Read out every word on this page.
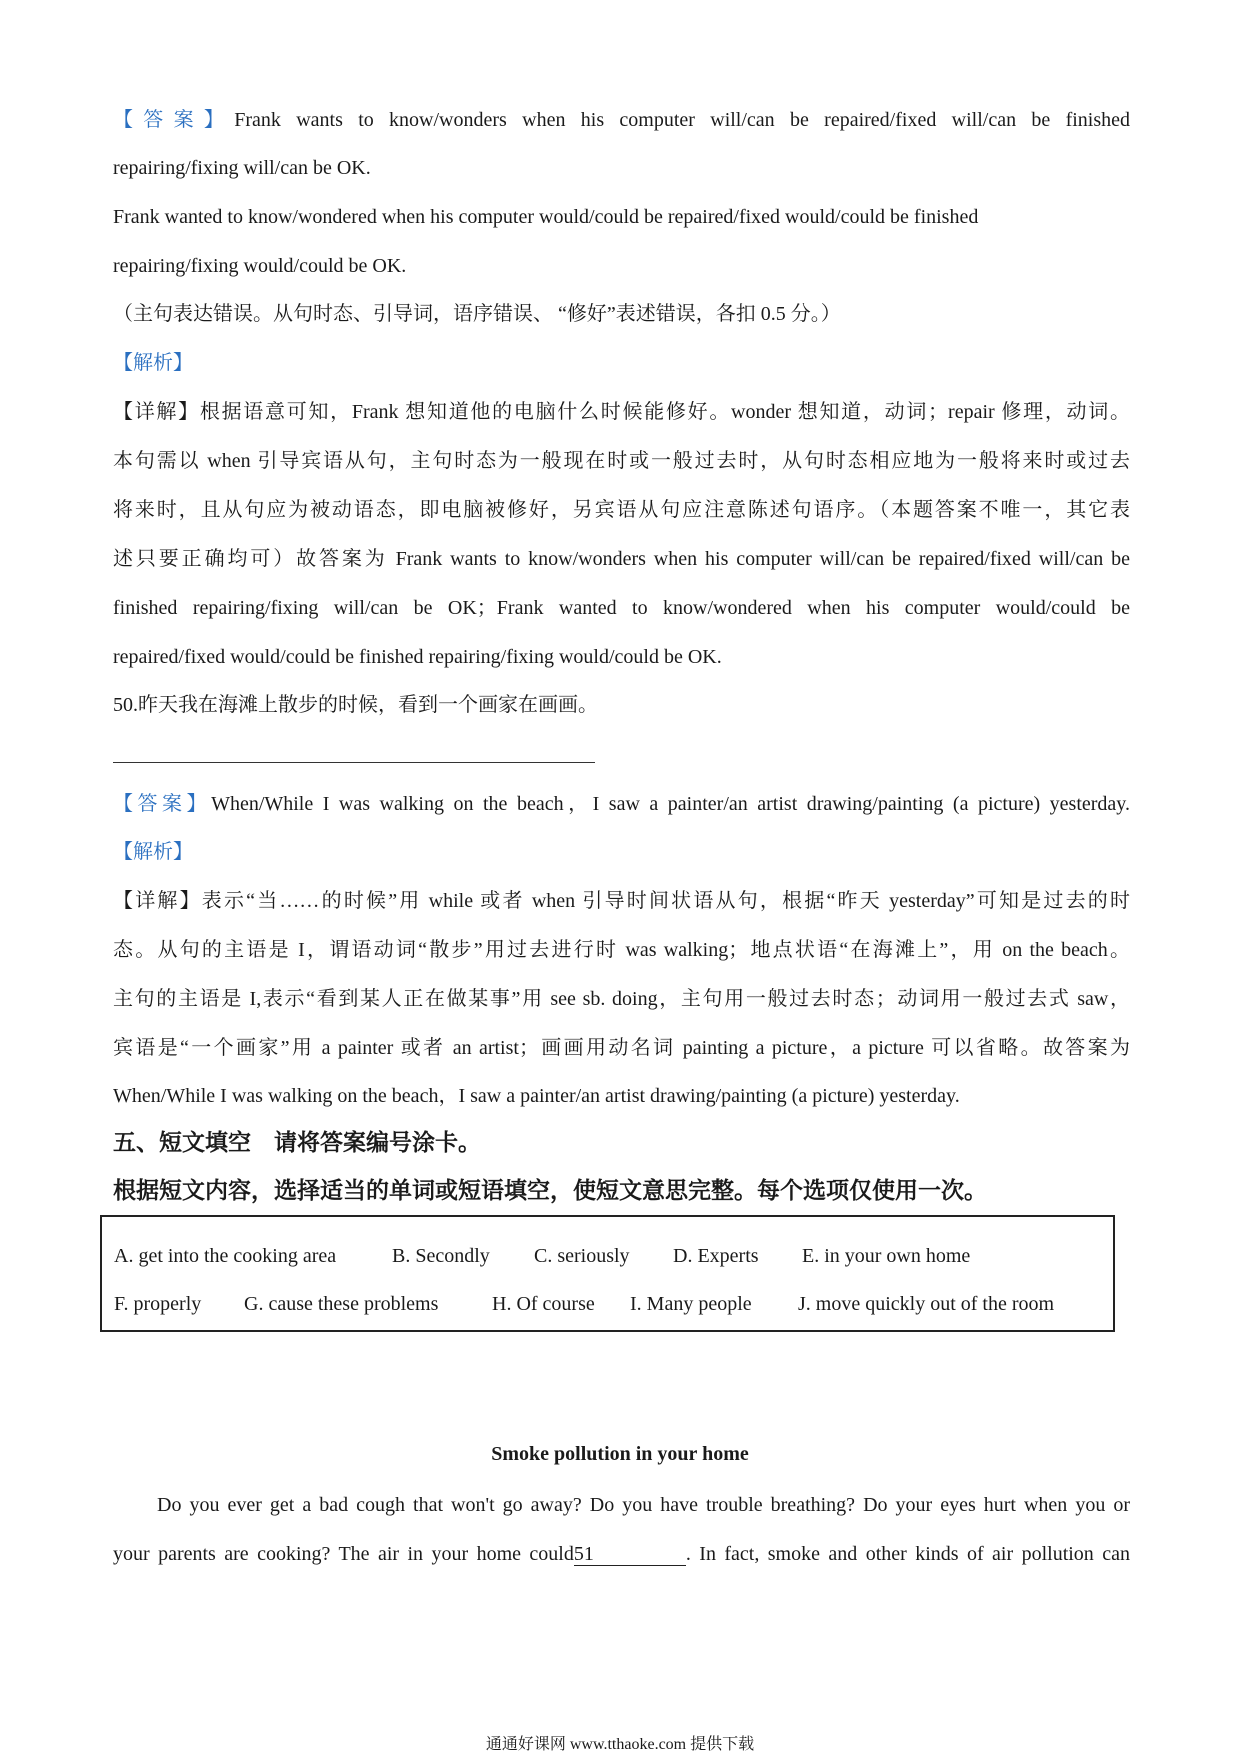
【答案】Frank wants to know/wonders when his computer will/can be repaired/fixed will/can be finished
repairing/fixing will/can be OK.
Frank wanted to know/wondered when his computer would/could be repaired/fixed would/could be finished
repairing/fixing would/could be OK.
（主句表达错误。从句时态、引导词，语序错误、 “修好”表述错误，各扣 0.5 分。）
【解析】
【详解】根据语意可知，Frank 想知道他的电脑什么时候能修好。wonder 想知道，动词；repair 修理，动词。
本句需以 when 引导宾语从句，主句时态为一般现在时或一般过去时，从句时态相应地为一般将来时或过去
将来时，且从句应为被动语态，即电脑被修好，另宾语从句应注意陈述句语序。（本题答案不唯一，其它表
述只要正确均可）故答案为 Frank wants to know/wonders when his computer will/can be repaired/fixed will/can be
finished repairing/fixing will/can be OK；Frank wanted to know/wondered when his computer would/could be
repaired/fixed would/could be finished repairing/fixing would/could be OK.
50.昨天我在海滩上散步的时候，看到一个画家在画画。
【答案】When/While I was walking on the beach，I saw a painter/an artist drawing/painting (a picture) yesterday.
【解析】
【详解】表示“当……的时候”用 while 或者 when 引导时间状语从句，根据“昨天 yesterday”可知是过去的时
态。从句的主语是 I，谓语动词“散步”用过去进行时 was walking；地点状语“在海滩上”，用 on the beach。
主句的主语是 I,表示“看到某人正在做某事”用 see sb. doing，主句用一般过去时态；动词用一般过去式 saw，
宾语是“一个画家”用 a painter 或者 an artist；画画用动名词 painting a picture，a picture 可以省略。故答案为
When/While I was walking on the beach，I saw a painter/an artist drawing/painting (a picture) yesterday.
五、短文填空　请将答案编号涂卡。
根据短文内容，选择适当的单词或短语填空，使短文意思完整。每个选项仅使用一次。
A. get into the cooking area	B. Secondly C. seriously D. Experts E. in your own home
F. properly G. cause these problems	H. Of course I. Many people J. move quickly out of the room
Smoke pollution in your home
Do you ever get a bad cough that won't go away? Do you have trouble breathing? Do your eyes hurt when you or
your parents are cooking? The air in your home could51	. In fact, smoke and other kinds of air pollution can
通通好课网 www.tthaoke.com 提供下载
